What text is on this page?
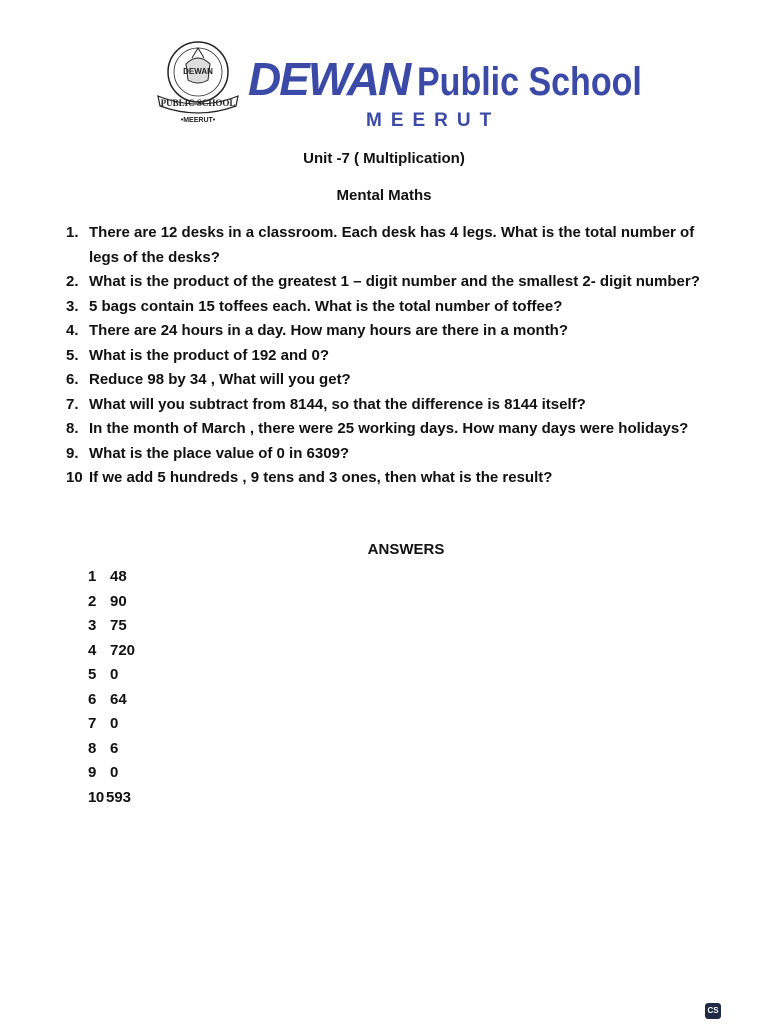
DEWAN
PUBLIC SCHOOL
•MEERUT•
DEWAN Public School
MEERUT
Unit -7 ( Multiplication)
Mental Maths
1. There are 12 desks in a classroom. Each desk has 4 legs. What is the total number of legs of the desks?
2. What is the product of the greatest 1 – digit number and the smallest 2- digit number?
3. 5 bags contain 15 toffees each. What is the total number of toffee?
4. There are 24 hours in a day. How many hours are there in a month?
5. What is the product of 192 and 0?
6. Reduce 98 by 34 , What will you get?
7. What will you subtract from 8144, so that the difference is 8144 itself?
8. In the month of March , there were 25 working days. How many days were holidays?
9. What is the place value of 0 in 6309?
10 If we add 5 hundreds , 9 tens and 3 ones, then what is the result?
ANSWERS
1 48
2 90
3 75
4 720
5 0
6 64
7 0
8 6
9 0
10 593
CS
